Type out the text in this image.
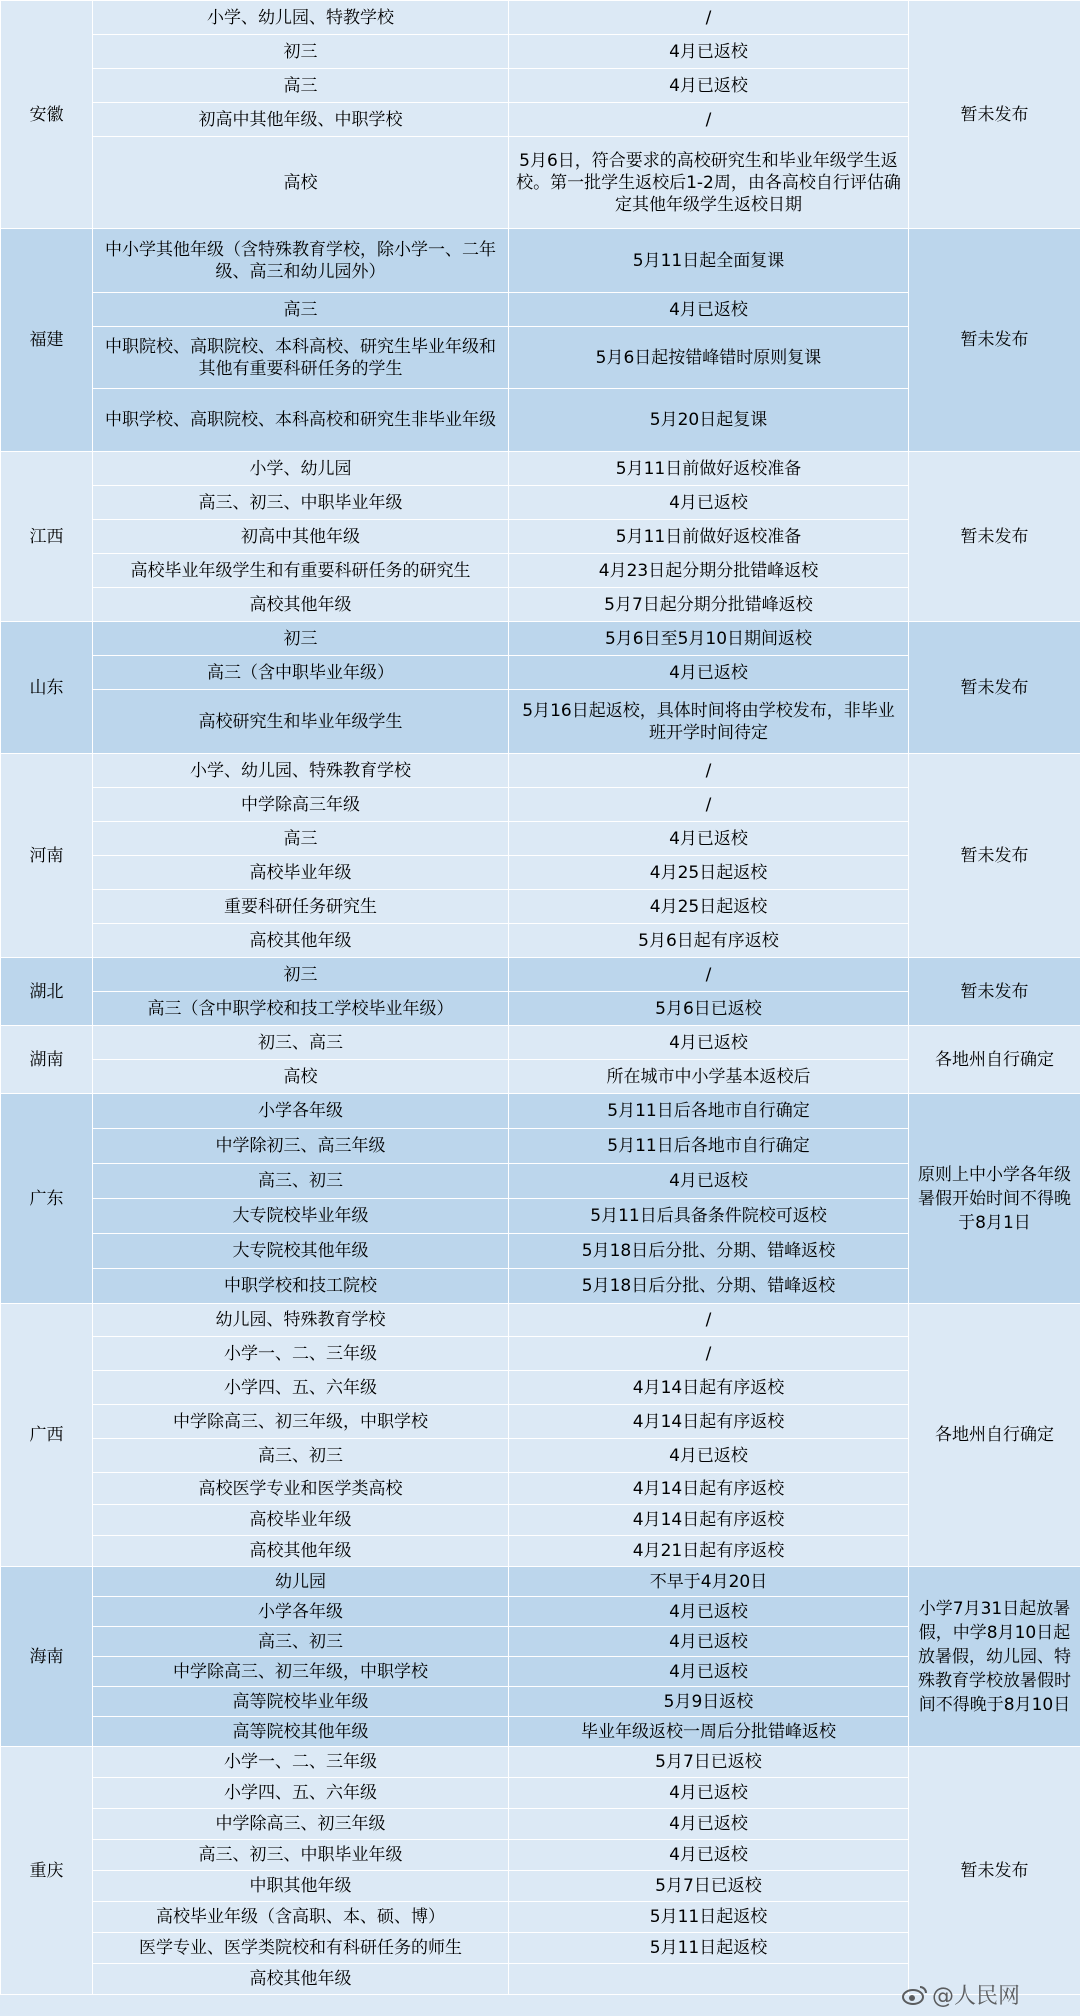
安徽	小学、幼儿园、特教学校	/	暂未发布
	初三	4月已返校	
	高三	4月已返校	
	初高中其他年级、中职学校	/	
	高校	5月6日，符合要求的高校研究生和毕业年级学生返校。第一批学生返校后1-2周，由各高校自行评估确定其他年级学生返校日期	
福建	中小学其他年级（含特殊教育学校，除小学一、二年级、高三和幼儿园外）	5月11日起全面复课	暂未发布
	高三	4月已返校	
	中职院校、高职院校、本科高校、研究生毕业年级和其他有重要科研任务的学生	5月6日起按错峰错时原则复课	
	中职学校、高职院校、本科高校和研究生非毕业年级	5月20日起复课	
江西	小学、幼儿园	5月11日前做好返校准备	暂未发布
	高三、初三、中职毕业年级	4月已返校	
	初高中其他年级	5月11日前做好返校准备	
	高校毕业年级学生和有重要科研任务的研究生	4月23日起分期分批错峰返校	
	高校其他年级	5月7日起分期分批错峰返校	
山东	初三	5月6日至5月10日期间返校	暂未发布
	高三（含中职毕业年级）	4月已返校	
	高校研究生和毕业年级学生	5月16日起返校，具体时间将由学校发布，非毕业班开学时间待定	
河南	小学、幼儿园、特殊教育学校	/	暂未发布
	中学除高三年级	/	
	高三	4月已返校	
	高校毕业年级	4月25日起返校	
	重要科研任务研究生	4月25日起返校	
	高校其他年级	5月6日起有序返校	
湖北	初三	/	暂未发布
	高三（含中职学校和技工学校毕业年级）	5月6日已返校	
湖南	初三、高三	4月已返校	各地州自行确定
	高校	所在城市中小学基本返校后	
广东	小学各年级	5月11日后各地市自行确定	原则上中小学各年级暑假开始时间不得晚于8月1日
	中学除初三、高三年级	5月11日后各地市自行确定	
	高三、初三	4月已返校	
	大专院校毕业年级	5月11日后具备条件院校可返校	
	大专院校其他年级	5月18日后分批、分期、错峰返校	
	中职学校和技工院校	5月18日后分批、分期、错峰返校	
广西	幼儿园、特殊教育学校	/	各地州自行确定
	小学一、二、三年级	/	
	小学四、五、六年级	4月14日起有序返校	
	中学除高三、初三年级，中职学校	4月14日起有序返校	
	高三、初三	4月已返校	
	高校医学专业和医学类高校	4月14日起有序返校	
	高校毕业年级	4月14日起有序返校	
	高校其他年级	4月21日起有序返校	
海南	幼儿园	不早于4月20日	小学7月31日起放暑假，中学8月10日起放暑假，幼儿园、特殊教育学校放暑假时间不得晚于8月10日
	小学各年级	4月已返校	
	高三、初三	4月已返校	
	中学除高三、初三年级，中职学校	4月已返校	
	高等院校毕业年级	5月9日返校	
	高等院校其他年级	毕业年级返校一周后分批错峰返校	
重庆	小学一、二、三年级	5月7日已返校	暂未发布
	小学四、五、六年级	4月已返校	
	中学除高三、初三年级	4月已返校	
	高三、初三、中职毕业年级	4月已返校	
	中职其他年级	5月7日已返校	
	高校毕业年级（含高职、本、硕、博）	5月11日起返校	
	医学专业、医学类院校和有科研任务的师生	5月11日起返校	
	高校其他年级		
@人民网
